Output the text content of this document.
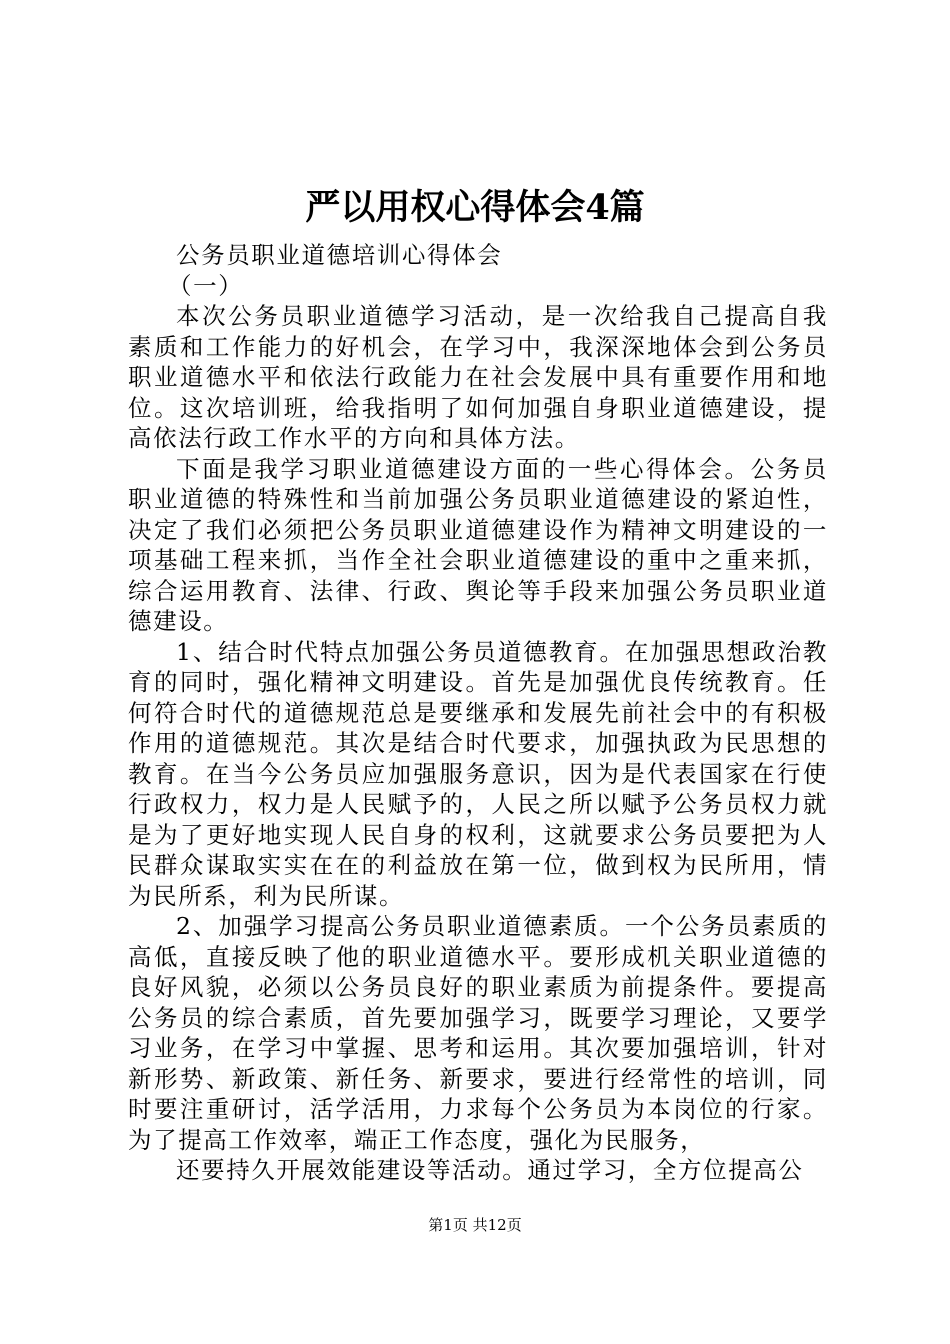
严以用权心得体会4篇

公务员职业道德培训心得体会

（一）

本次公务员职业道德学习活动，是一次给我自己提高自我素质和工作能力的好机会，在学习中，我深深地体会到公务员职业道德水平和依法行政能力在社会发展中具有重要作用和地位。这次培训班，给我指明了如何加强自身职业道德建设，提高依法行政工作水平的方向和具体方法。

下面是我学习职业道德建设方面的一些心得体会。公务员职业道德的特殊性和当前加强公务员职业道德建设的紧迫性，决定了我们必须把公务员职业道德建设作为精神文明建设的一项基础工程来抓，当作全社会职业道德建设的重中之重来抓，综合运用教育、法律、行政、舆论等手段来加强公务员职业道德建设。

1、结合时代特点加强公务员道德教育。在加强思想政治教育的同时，强化精神文明建设。首先是加强优良传统教育。任何符合时代的道德规范总是要继承和发展先前社会中的有积极作用的道德规范。其次是结合时代要求，加强执政为民思想的教育。在当今公务员应加强服务意识，因为是代表国家在行使行政权力，权力是人民赋予的，人民之所以赋予公务员权力就是为了更好地实现人民自身的权利，这就要求公务员要把为人民群众谋取实实在在的利益放在第一位，做到权为民所用，情为民所系，利为民所谋。

2、加强学习提高公务员职业道德素质。一个公务员素质的高低，直接反映了他的职业道德水平。要形成机关职业道德的良好风貌，必须以公务员良好的职业素质为前提条件。要提高公务员的综合素质，首先要加强学习，既要学习理论，又要学习业务，在学习中掌握、思考和运用。其次要加强培训，针对新形势、新政策、新任务、新要求，要进行经常性的培训，同时要注重研讨，活学活用，力求每个公务员为本岗位的行家。为了提高工作效率，端正工作态度，强化为民服务，

还要持久开展效能建设等活动。通过学习，全方位提高公

第1页 共12页
